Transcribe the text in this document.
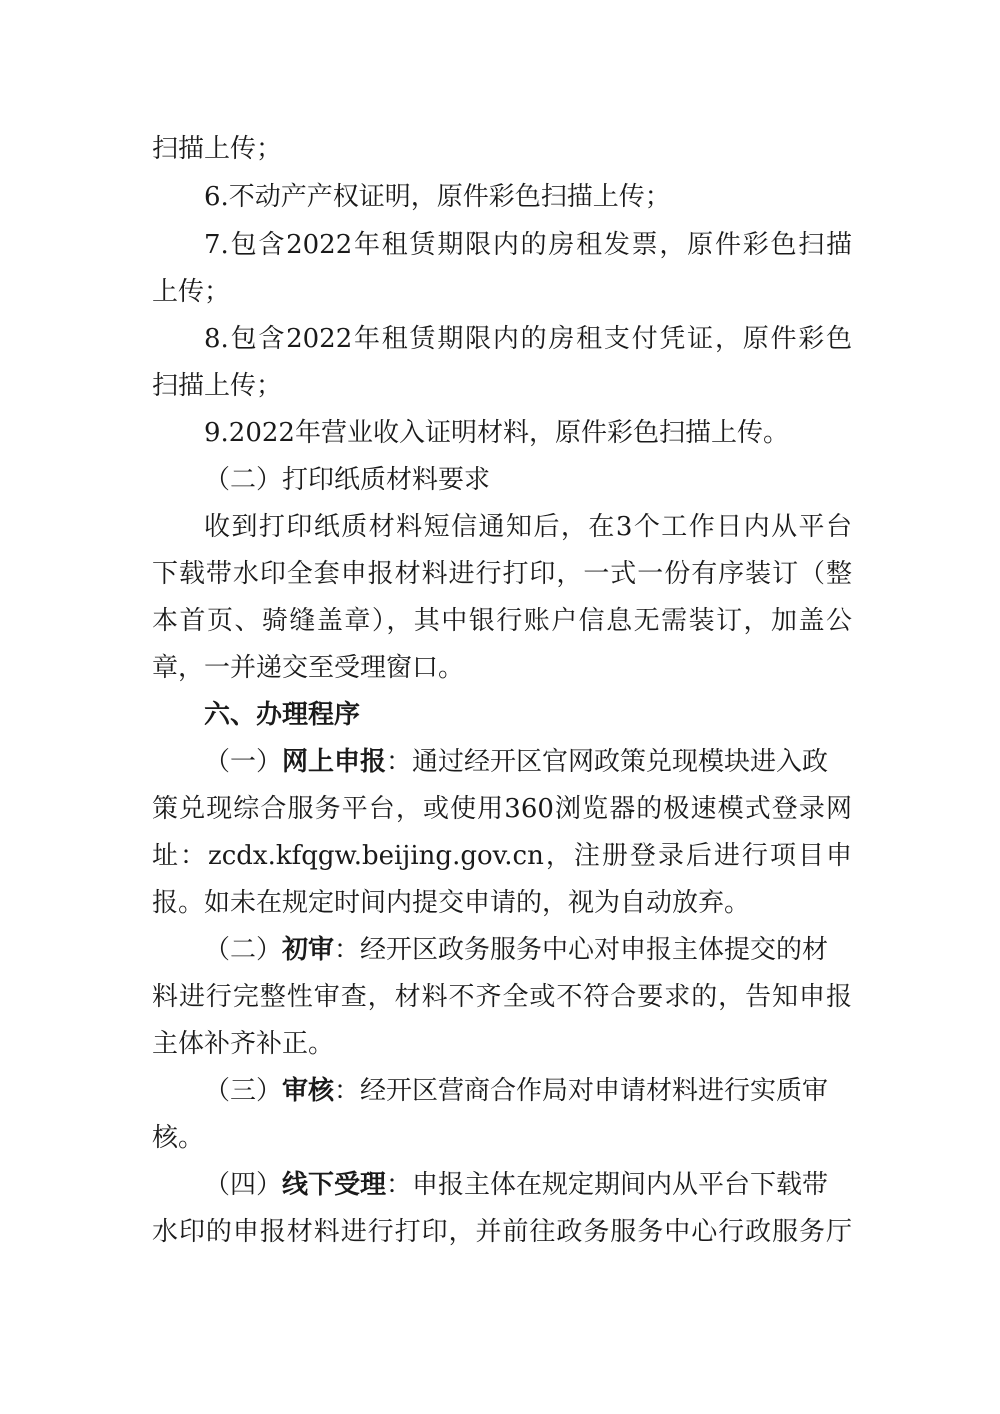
扫描上传；
6.不动产产权证明，原件彩色扫描上传；
7.包含2022年租赁期限内的房租发票，原件彩色扫描
上传；
8.包含2022年租赁期限内的房租支付凭证，原件彩色
扫描上传；
9.2022年营业收入证明材料，原件彩色扫描上传。
（二）打印纸质材料要求
收到打印纸质材料短信通知后，在3个工作日内从平台
下载带水印全套申报材料进行打印，一式一份有序装订（整
本首页、骑缝盖章），其中银行账户信息无需装订，加盖公
章，一并递交至受理窗口。
六、办理程序
（一）网上申报：通过经开区官网政策兑现模块进入政
策兑现综合服务平台，或使用360浏览器的极速模式登录网
址：zcdx.kfqgw.beijing.gov.cn，注册登录后进行项目申
报。如未在规定时间内提交申请的，视为自动放弃。
（二）初审：经开区政务服务中心对申报主体提交的材
料进行完整性审查，材料不齐全或不符合要求的，告知申报
主体补齐补正。
（三）审核：经开区营商合作局对申请材料进行实质审
核。
（四）线下受理：申报主体在规定期间内从平台下载带
水印的申报材料进行打印，并前往政务服务中心行政服务厅
